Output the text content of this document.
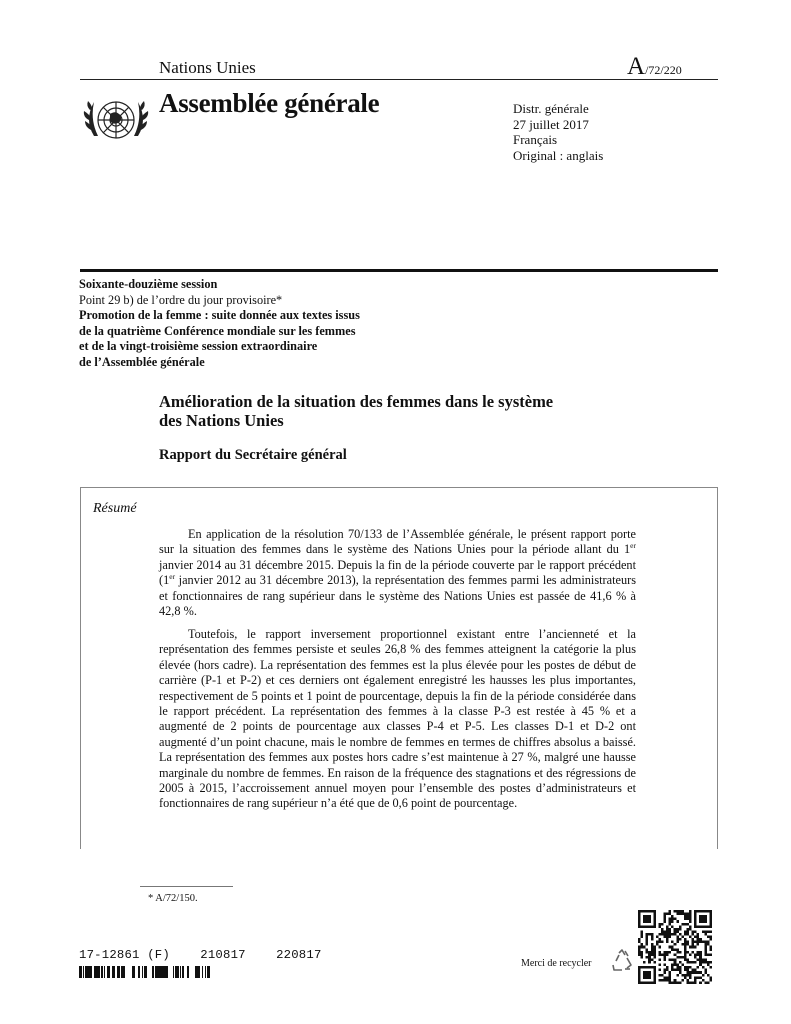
Nations Unies	A/72/220
Assemblée générale	Distr. générale
27 juillet 2017
Français
Original : anglais
Soixante-douzième session
Point 29 b) de l’ordre du jour provisoire*
Promotion de la femme : suite donnée aux textes issus
de la quatrième Conférence mondiale sur les femmes
et de la vingt-troisième session extraordinaire
de l’Assemblée générale
Amélioration de la situation des femmes dans le système
des Nations Unies
Rapport du Secrétaire général
Résumé

En application de la résolution 70/133 de l’Assemblée générale, le présent rapport porte sur la situation des femmes dans le système des Nations Unies pour la période allant du 1er janvier 2014 au 31 décembre 2015. Depuis la fin de la période couverte par le rapport précédent (1er janvier 2012 au 31 décembre 2013), la représentation des femmes parmi les administrateurs et fonctionnaires de rang supérieur dans le système des Nations Unies est passée de 41,6 % à 42,8 %.

Toutefois, le rapport inversement proportionnel existant entre l’ancienneté et la représentation des femmes persiste et seules 26,8 % des femmes atteignent la catégorie la plus élevée (hors cadre). La représentation des femmes est la plus élevée pour les postes de début de carrière (P-1 et P-2) et ces derniers ont également enregistré les hausses les plus importantes, respectivement de 5 points et 1 point de pourcentage, depuis la fin de la période considérée dans le rapport précédent. La représentation des femmes à la classe P-3 est restée à 45 % et a augmenté de 2 points de pourcentage aux classes P-4 et P-5. Les classes D-1 et D-2 ont augmenté d’un point chacune, mais le nombre de femmes en termes de chiffres absolus a baissé. La représentation des femmes aux postes hors cadre s’est maintenue à 27 %, malgré une hausse marginale du nombre de femmes. En raison de la fréquence des stagnations et des régressions de 2005 à 2015, l’accroissement annuel moyen pour l’ensemble des postes d’administrateurs et fonctionnaires de rang supérieur n’a été que de 0,6 point de pourcentage.

* A/72/150.
17-12861 (F)    210817    220817
Merci de recycler
